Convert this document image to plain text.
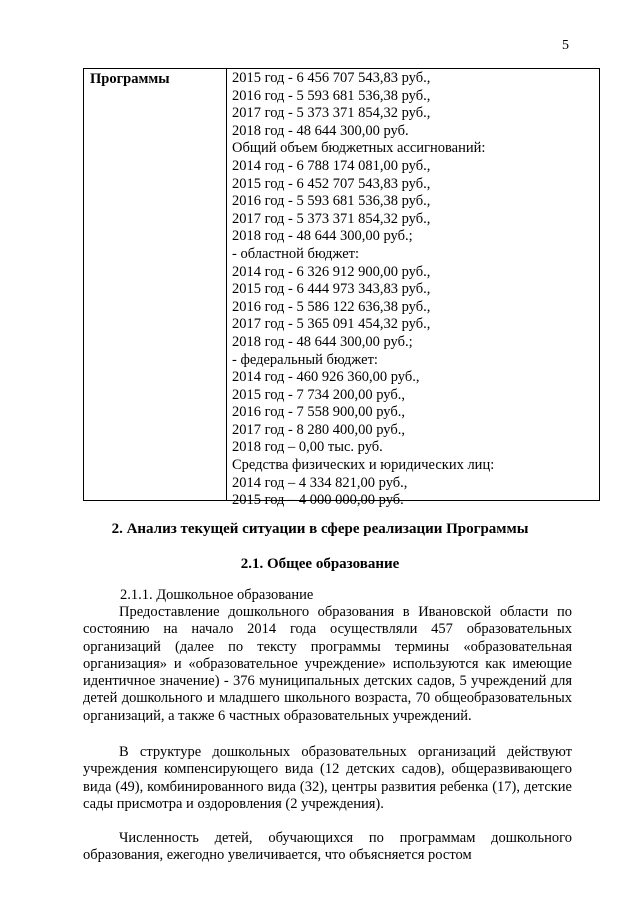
5
Программы	2015 год - 6 456 707 543,83 руб.,
2016 год - 5 593 681 536,38 руб.,
2017 год - 5 373 371 854,32 руб.,
2018 год - 48 644 300,00 руб.
Общий объем бюджетных ассигнований:
2014 год - 6 788 174 081,00 руб.,
2015 год - 6 452 707 543,83 руб.,
2016 год - 5 593 681 536,38 руб.,
2017 год - 5 373 371 854,32 руб.,
2018 год - 48 644 300,00 руб.;
- областной бюджет:
2014 год - 6 326 912 900,00 руб.,
2015 год - 6 444 973 343,83 руб.,
2016 год - 5 586 122 636,38 руб.,
2017 год - 5 365 091 454,32 руб.,
2018 год - 48 644 300,00 руб.;
- федеральный бюджет:
2014 год - 460 926 360,00 руб.,
2015 год - 7 734 200,00 руб.,
2016 год - 7 558 900,00 руб.,
2017 год - 8 280 400,00 руб.,
2018 год – 0,00 тыс. руб.
Средства физических и юридических лиц:
2014 год – 4 334 821,00 руб.,
2015 год – 4 000 000,00 руб.
2. Анализ текущей ситуации в сфере реализации Программы
2.1. Общее образование
2.1.1. Дошкольное образование

Предоставление дошкольного образования в Ивановской области по состоянию на начало 2014 года осуществляли 457 образовательных организаций (далее по тексту программы термины «образовательная организация» и «образовательное учреждение» используются как имеющие идентичное значение) - 376 муниципальных детских садов, 5 учреждений для детей дошкольного и младшего школьного возраста, 70 общеобразовательных организаций, а также 6 частных образовательных учреждений.

В структуре дошкольных образовательных организаций действуют учреждения компенсирующего вида (12 детских садов), общеразвивающего вида (49), комбинированного вида (32), центры развития ребенка (17), детские сады присмотра и оздоровления (2 учреждения).

Численность детей, обучающихся по программам дошкольного образования, ежегодно увеличивается, что объясняется ростом
